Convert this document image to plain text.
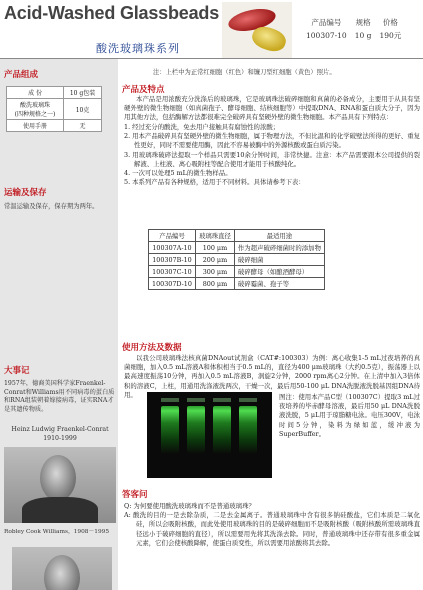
Acid-Washed Glassbeads
酸洗玻璃珠系列
产品编号	规格	价格
100307-10	10 g	190元
产品组成
成 份	10 g包装
酸洗玻璃珠
(四种规格之一)	10克
使用手册	无
运输及保存
常温运输及保存，保存期为两年。
大事记
1957年，德裔美国科学家Fraenkel-Conrat和Williams用不同病毒的蛋白质和RNA组装朝着嫁接病毒，证实RNA才是其遗传物质。
Heinz Ludwig Fraenkel-Conrat
1910-1999
Robley Cook Williams，1908－1995
注：上栏中为正常红细胞（红色）和镰刀型红细胞（黄色）照片。
产品及特点
本产品是用浓酸充分洗涤后的玻璃珠，它是玻璃珠法破碎细胞和真菌的必备成分，主要用于从具有坚硬外壁的微生物细胞（如真菌孢子、酵母细胞、结核细胞等）中提取DNA、RNA和蛋白质大分子，因为用其他方法，包括酶解方法都很难完全破碎具有坚硬外壁的微生物细胞。本产品具有下列特点：

1. 经过充分的酸洗，免去用户接触具有腐蚀性的浓酸；

2. 用本产品破碎具有坚硬外壁的微生物细胞，属于物理方法，不但比温和的化学破壁法所得的更好、重复性更好，同时不需要使用酶，因此不容易被酶中的外源核酸或蛋白质污染。

3. 用玻璃珠破碎法提取一个样品只需要10余分钟时间，非常快捷。注意：本产品需要跟本公司提供的裂解液、上柱液、离心吸附柱等配合使用才能用于核酸纯化。

4. 一次可以处理5 mL的微生物样品。

5. 本系列产品有各种规格，适用于不同材料。具体请参考下表：

产品编号	玻璃珠直径	最适用途
100307A-10	100 μm	作为超声破碎细菌时的添加物
100307B-10	200 μm	破碎细菌
100307C-10	300 μm	破碎酵母（如酿酒酵母）
100307D-10	800 μm	破碎霉菌、孢子等
使用方法及数据
以我公司玻璃珠法核真菌DNAout试剂盒（CAT#:100303）为例：离心收集1-5 mL过夜培养的真菌细胞，加入0.5 mL溶液A和体积相当于0.5 mL的，直径为400 μm玻璃珠（大约0.5克），振荡器上以最高速度振荡10分钟，再加入0.5 mL溶液B，涡旋2分钟，2000 rpm离心2分钟。在上清中加入3倍体积的溶液C，上柱，用通用洗涤液洗两次，干燥一次，最后用50-100 μL DNA洗脱液洗脱基因组DNA待用。	图注：使用本产品C型（100307C）提取3 mL过夜培养的毕赤酵母溶液，最后用50 μL DNA洗脱液洗脱，5 μL用于琼脂糖电泳。电压300V，电泳时间5分钟，染料为绿如蓝，缓冲液为SuperBuffer。
答客问

Q: 为何要使用酸洗玻璃珠而不是普通玻璃珠？

A: 酸洗的目的一是去除杂质，二是去金属离子。普通玻璃珠中含有很多钠硅酸盐，它们本质是二氧化硅，所以会吸附核酸，而此处使用玻璃珠的目的是破碎细胞而不是吸附核酸（吸附核酸所需玻璃珠直径远小于破碎细胞的直径），所以需要用先将其洗涤去除。同时，普通玻璃珠中还存带有很多重金属元素，它们会使核酸降解，使蛋白质变性，所以需要用浓酸将其去除。
